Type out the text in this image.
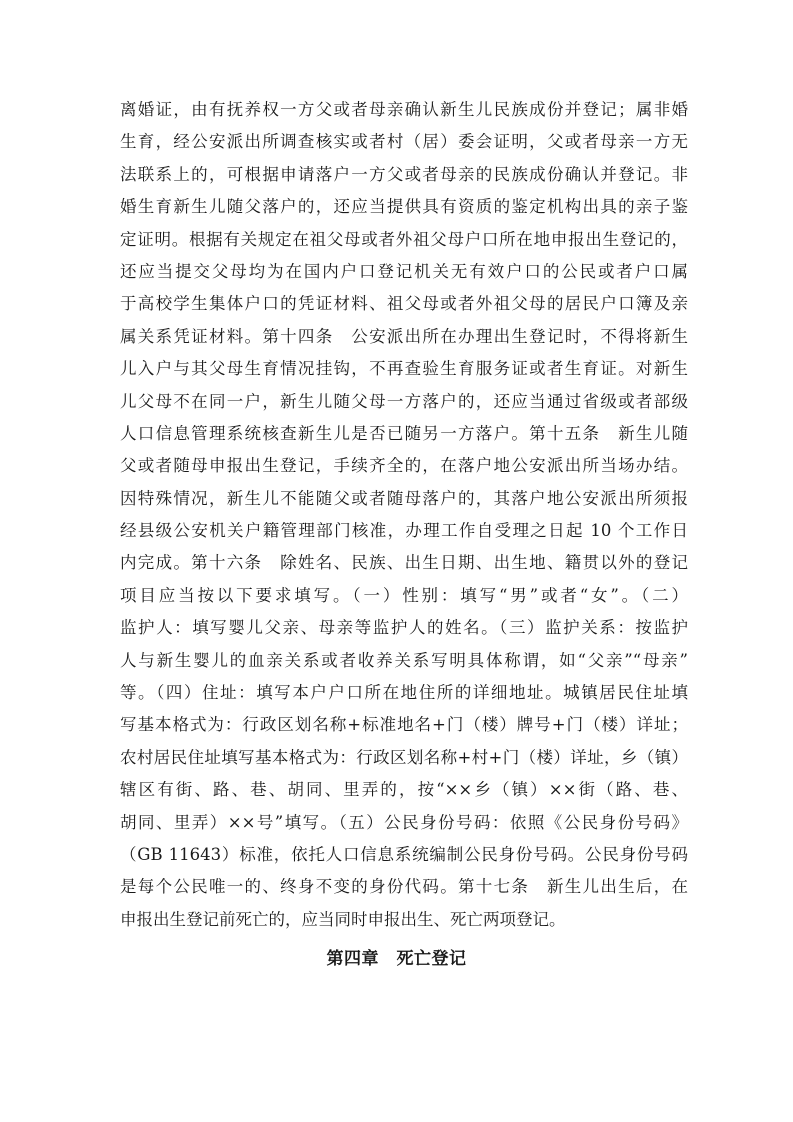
离婚证，由有抚养权一方父或者母亲确认新生儿民族成份并登记；属非婚
生育，经公安派出所调查核实或者村（居）委会证明，父或者母亲一方无
法联系上的，可根据申请落户一方父或者母亲的民族成份确认并登记。非
婚生育新生儿随父落户的，还应当提供具有资质的鉴定机构出具的亲子鉴
定证明。根据有关规定在祖父母或者外祖父母户口所在地申报出生登记的，
还应当提交父母均为在国内户口登记机关无有效户口的公民或者户口属
于高校学生集体户口的凭证材料、祖父母或者外祖父母的居民户口簿及亲
属关系凭证材料。第十四条　公安派出所在办理出生登记时，不得将新生
儿入户与其父母生育情况挂钩，不再查验生育服务证或者生育证。对新生
儿父母不在同一户，新生儿随父母一方落户的，还应当通过省级或者部级
人口信息管理系统核查新生儿是否已随另一方落户。第十五条　新生儿随
父或者随母申报出生登记，手续齐全的，在落户地公安派出所当场办结。
因特殊情况，新生儿不能随父或者随母落户的，其落户地公安派出所须报
经县级公安机关户籍管理部门核准，办理工作自受理之日起 10 个工作日
内完成。第十六条　除姓名、民族、出生日期、出生地、籍贯以外的登记
项目应当按以下要求填写。（一）性别：填写“男”或者“女”。（二）
监护人：填写婴儿父亲、母亲等监护人的姓名。（三）监护关系：按监护
人与新生婴儿的血亲关系或者收养关系写明具体称谓，如“父亲”“母亲”
等。（四）住址：填写本户户口所在地住所的详细地址。城镇居民住址填
写基本格式为：行政区划名称+标准地名+门（楼）牌号+门（楼）详址；
农村居民住址填写基本格式为：行政区划名称+村+门（楼）详址，乡（镇）
辖区有街、路、巷、胡同、里弄的，按“××乡（镇）××街（路、巷、
胡同、里弄）××号”填写。（五）公民身份号码：依照《公民身份号码》
（GB 11643）标准，依托人口信息系统编制公民身份号码。公民身份号码
是每个公民唯一的、终身不变的身份代码。第十七条　新生儿出生后，在
申报出生登记前死亡的，应当同时申报出生、死亡两项登记。
第四章　死亡登记
